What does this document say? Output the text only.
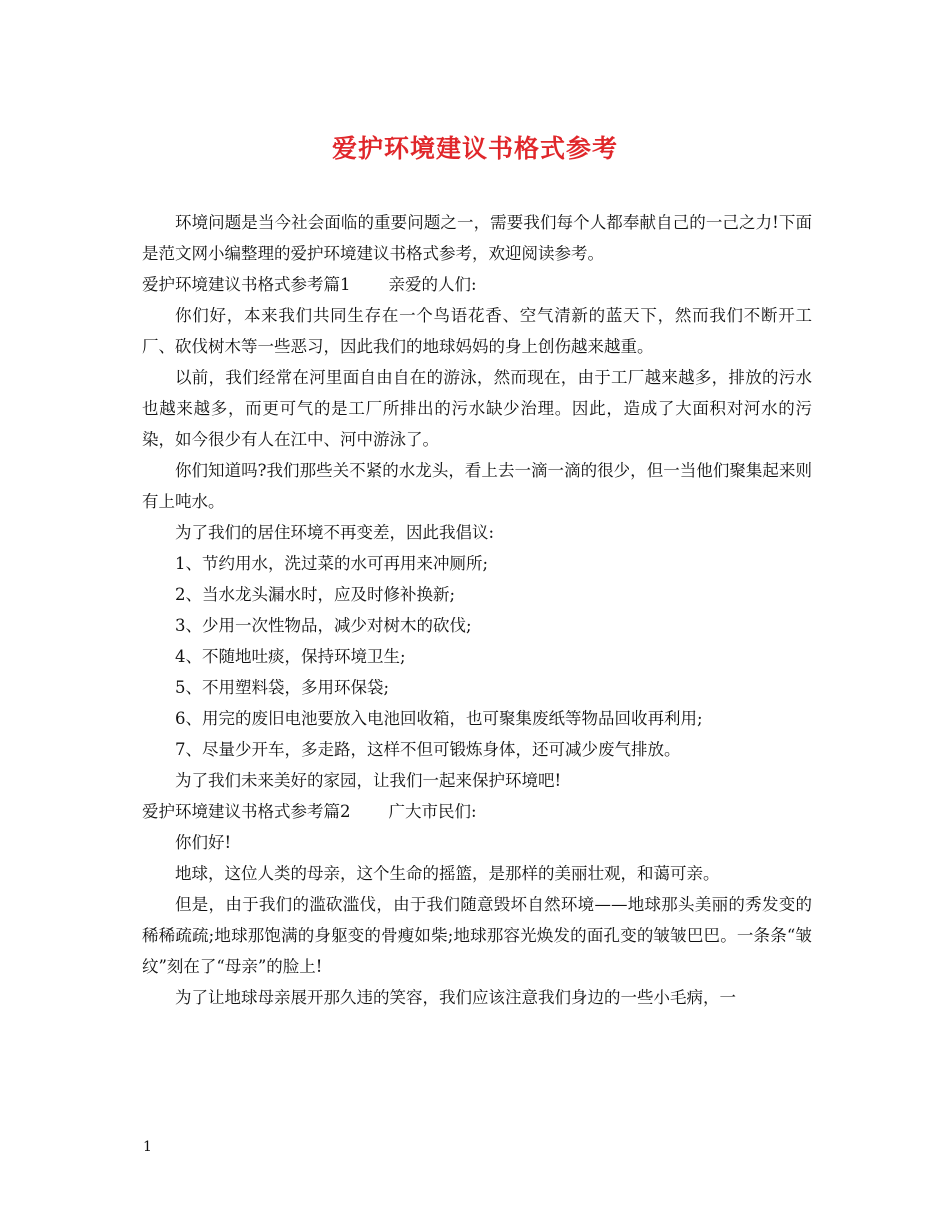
爱护环境建议书格式参考

环境问题是当今社会面临的重要问题之一，需要我们每个人都奉献自己的一己之力!下面是范文网小编整理的爱护环境建议书格式参考，欢迎阅读参考。

爱护环境建议书格式参考篇1 亲爱的人们:

你们好，本来我们共同生存在一个鸟语花香、空气清新的蓝天下，然而我们不断开工厂、砍伐树木等一些恶习，因此我们的地球妈妈的身上创伤越来越重。

以前，我们经常在河里面自由自在的游泳，然而现在，由于工厂越来越多，排放的污水也越来越多，而更可气的是工厂所排出的污水缺少治理。因此，造成了大面积对河水的污染，如今很少有人在江中、河中游泳了。

你们知道吗?我们那些关不紧的水龙头，看上去一滴一滴的很少，但一当他们聚集起来则有上吨水。

为了我们的居住环境不再变差，因此我倡议:

1、节约用水，洗过菜的水可再用来冲厕所;

2、当水龙头漏水时，应及时修补换新;

3、少用一次性物品，减少对树木的砍伐;

4、不随地吐痰，保持环境卫生;

5、不用塑料袋，多用环保袋;

6、用完的废旧电池要放入电池回收箱，也可聚集废纸等物品回收再利用;

7、尽量少开车，多走路，这样不但可锻炼身体，还可减少废气排放。

为了我们未来美好的家园，让我们一起来保护环境吧!

爱护环境建议书格式参考篇2 广大市民们:

你们好!

地球，这位人类的母亲，这个生命的摇篮，是那样的美丽壮观，和蔼可亲。

但是，由于我们的滥砍滥伐，由于我们随意毁坏自然环境——地球那头美丽的秀发变的稀稀疏疏;地球那饱满的身躯变的骨瘦如柴;地球那容光焕发的面孔变的皱皱巴巴。一条条“皱纹”刻在了“母亲”的脸上!

为了让地球母亲展开那久违的笑容，我们应该注意我们身边的一些小毛病，一

1
